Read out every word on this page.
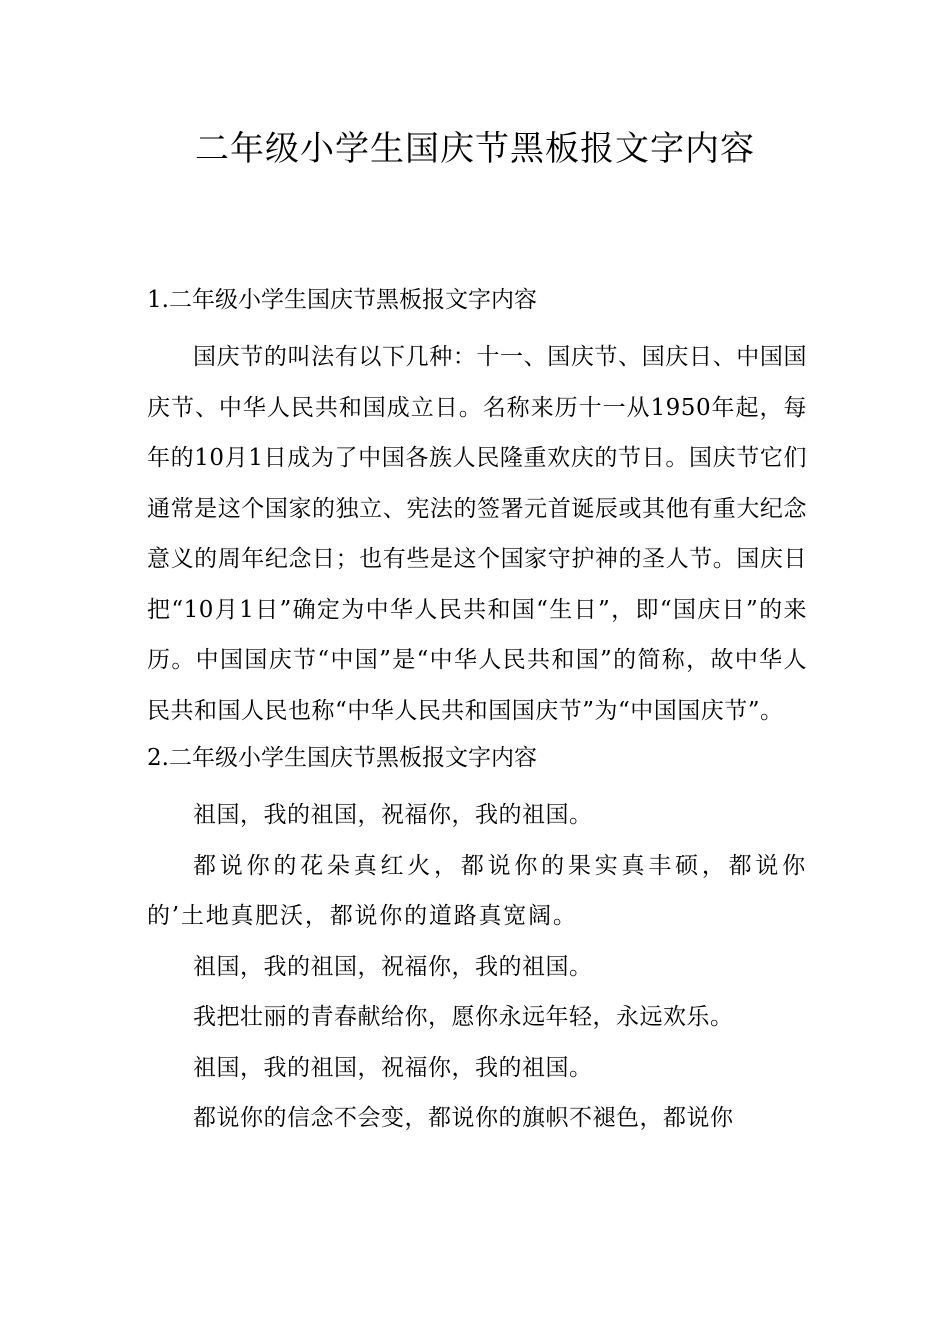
二年级小学生国庆节黑板报文字内容

1.二年级小学生国庆节黑板报文字内容

国庆节的叫法有以下几种：十一、国庆节、国庆日、中国国庆节、中华人民共和国成立日。名称来历十一从1950年起，每年的10月1日成为了中国各族人民隆重欢庆的节日。国庆节它们通常是这个国家的独立、宪法的签署元首诞辰或其他有重大纪念意义的周年纪念日；也有些是这个国家守护神的圣人节。国庆日把“10月1日”确定为中华人民共和国“生日”，即“国庆日”的来历。中国国庆节“中国”是“中华人民共和国”的简称，故中华人民共和国人民也称“中华人民共和国国庆节”为“中国国庆节”。

2.二年级小学生国庆节黑板报文字内容

祖国，我的祖国，祝福你，我的祖国。

都说你的花朵真红火，都说你的果实真丰硕，都说你的’土地真肥沃，都说你的道路真宽阔。

祖国，我的祖国，祝福你，我的祖国。

我把壮丽的青春献给你，愿你永远年轻，永远欢乐。

祖国，我的祖国，祝福你，我的祖国。

都说你的信念不会变，都说你的旗帜不褪色，都说你
